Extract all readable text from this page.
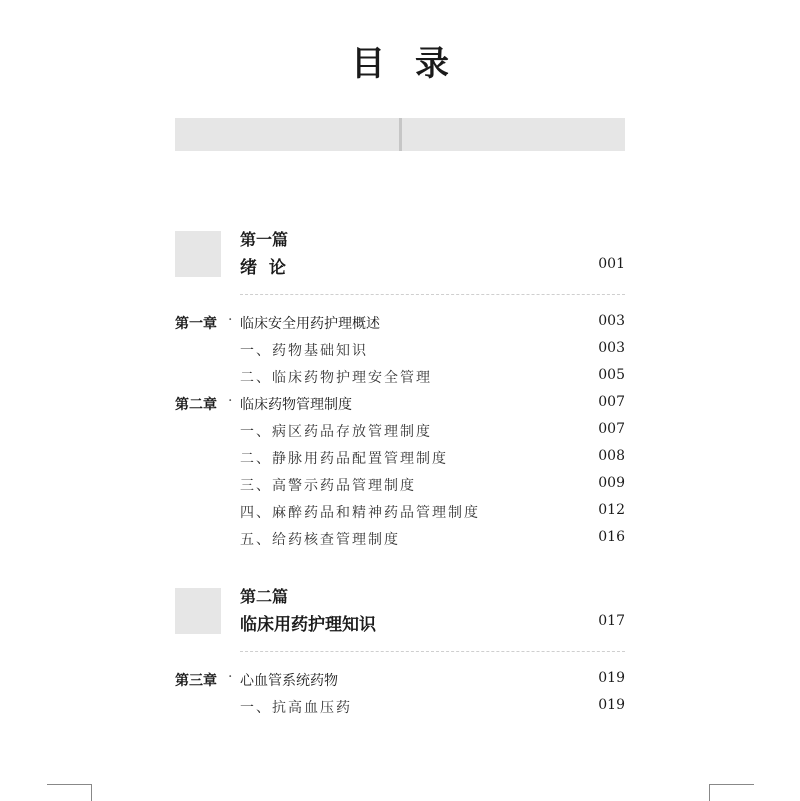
目 录
第一篇
绪  论	001
第一章 · 临床安全用药护理概述	003
一、药物基础知识	003
二、临床药物护理安全管理	005
第二章 · 临床药物管理制度	007
一、病区药品存放管理制度	007
二、静脉用药品配置管理制度	008
三、高警示药品管理制度	009
四、麻醉药品和精神药品管理制度	012
五、给药核查管理制度	016
第二篇
临床用药护理知识	017
第三章 · 心血管系统药物	019
一、抗高血压药	019
